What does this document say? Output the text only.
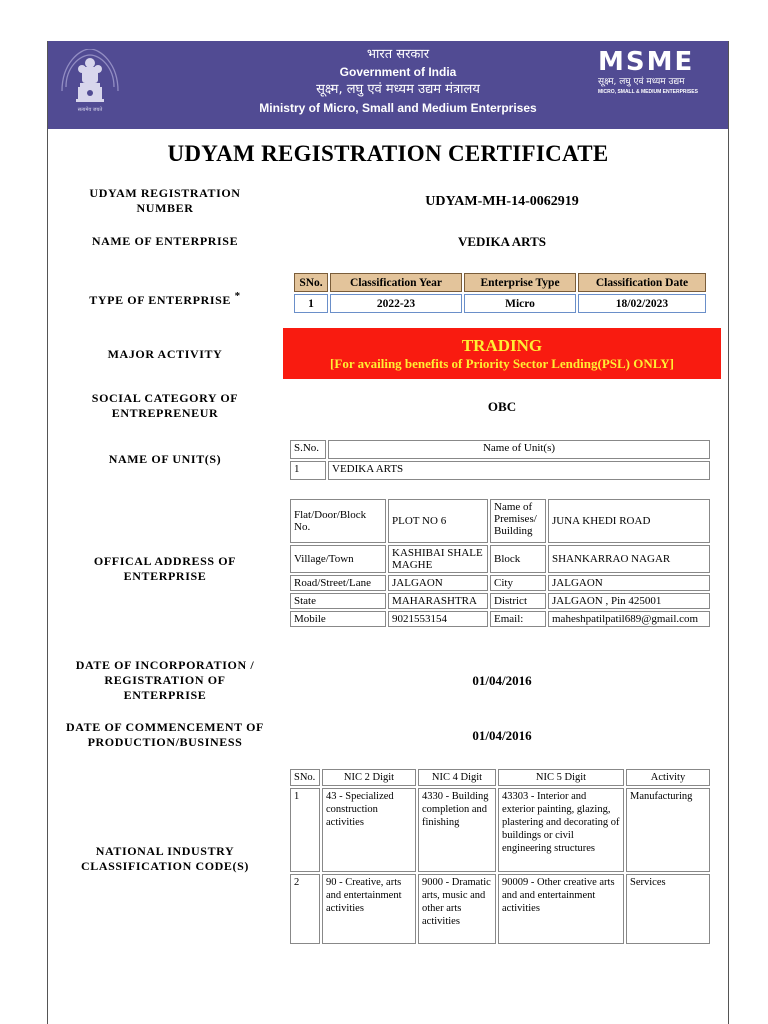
सत्यमेव जयते
भारत सरकार
Government of India
सूक्ष्म, लघु एवं मध्यम उद्यम मंत्रालय
Ministry of Micro, Small and Medium Enterprises
MSME
सूक्ष्म, लघु एवं मध्यम उद्यम
MICRO, SMALL & MEDIUM ENTERPRISES
UDYAM REGISTRATION CERTIFICATE
UDYAM REGISTRATION
NUMBER	UDYAM-MH-14-0062919
NAME OF ENTERPRISE	VEDIKA ARTS
TYPE OF ENTERPRISE *
SNo.	Classification Year	Enterprise Type	Classification Date
1	2022-23	Micro	18/02/2023
MAJOR ACTIVITY	TRADING
[For availing benefits of Priority Sector Lending(PSL) ONLY]
SOCIAL CATEGORY OF
ENTREPRENEUR	OBC
NAME OF UNIT(S)
S.No.	Name of Unit(s)
1	VEDIKA ARTS
OFFICAL ADDRESS OF
ENTERPRISE
Flat/Door/Block No.	PLOT NO 6	Name of Premises/ Building	JUNA KHEDI ROAD
Village/Town	KASHIBAI SHALE MAGHE	Block	SHANKARRAO NAGAR
Road/Street/Lane	JALGAON	City	JALGAON
State	MAHARASHTRA	District	JALGAON , Pin 425001
Mobile	9021553154	Email:	maheshpatilpatil689@gmail.com
DATE OF INCORPORATION /
REGISTRATION OF
ENTERPRISE
01/04/2016
DATE OF COMMENCEMENT OF
PRODUCTION/BUSINESS	01/04/2016
NATIONAL INDUSTRY
CLASSIFICATION CODE(S)
SNo.	NIC 2 Digit	NIC 4 Digit	NIC 5 Digit	Activity
1	43 - Specialized construction activities	4330 - Building completion and finishing	43303 - Interior and exterior painting, glazing, plastering and decorating of buildings or civil engineering structures	Manufacturing
2	90 - Creative, arts and entertainment activities	9000 - Dramatic arts, music and other arts activities	90009 - Other creative arts and and entertainment activities	Services
